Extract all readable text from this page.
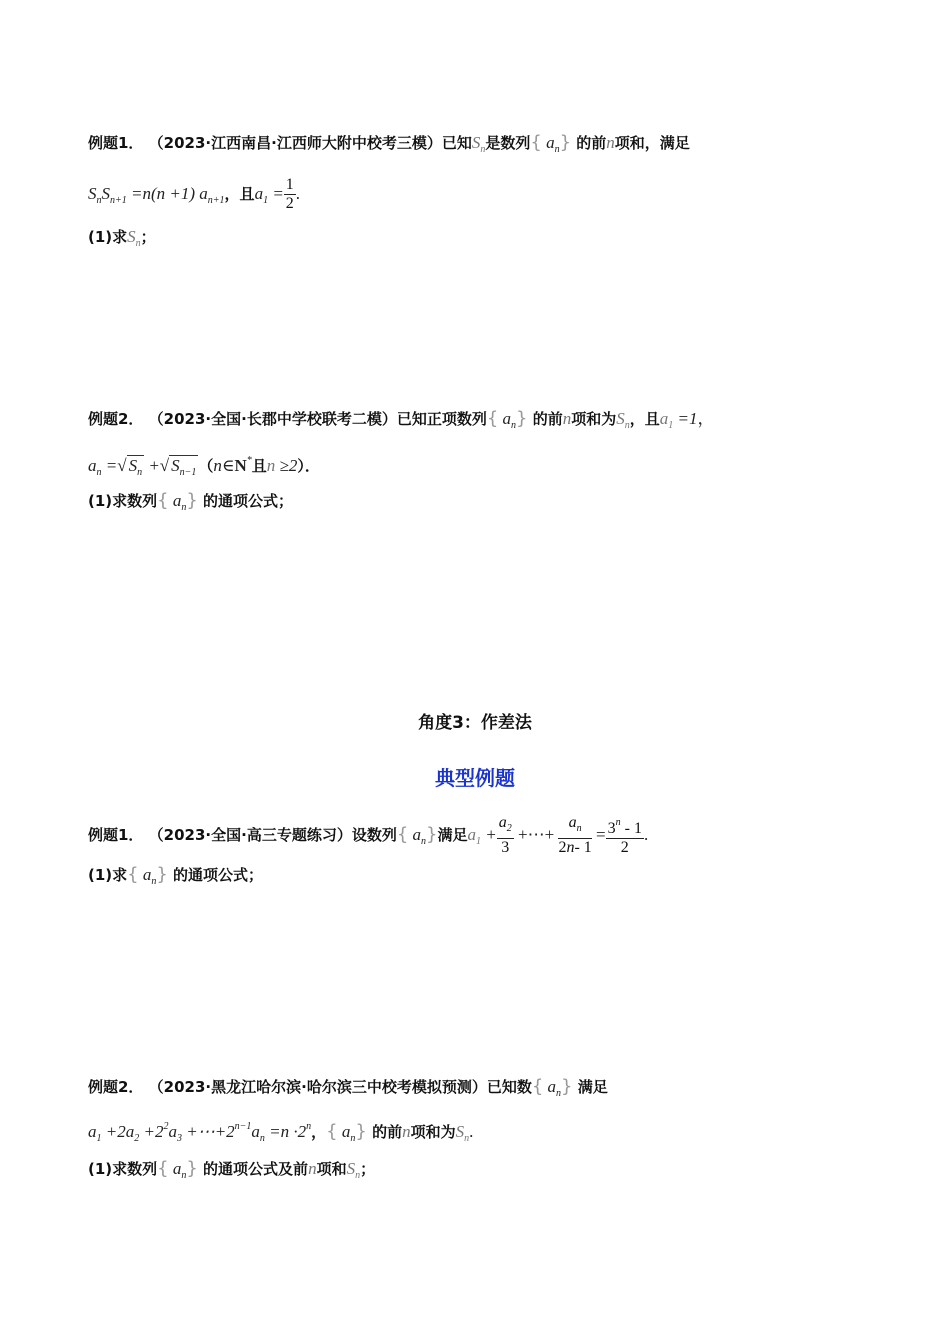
例题1． （2023·江西南昌·江西师大附中校考三模）已知$S_n$是数列{ $a_n$} 的前n项和，满足
$S_nS_{n+1} =n(n +1)$ $a_{n+1}$，且$a_1 = \frac{1}{2}$ .
(1)求$S_n$；
例题2． （2023·全国·长郡中学校联考二模）已知正项数列{ $a_n$} 的前n项和为$S_n$，且$a_1 =1$，
$a_n$ =√ $S_n$ +√ $S_{n-1}$ （n∈N*且n ≥2）．
(1)求数列{ $a_n$} 的通项公式；
角度3：作差法
典型例题
例题1． （2023·全国·高三专题练习）设数列{ $a_n$}满足$a_1 + \frac{a_2}{3}$ +⋯+ $\frac{a_n}{2n- 1} = \frac{3^n - 1}{2}$ .
(1)求{ $a_n$} 的通项公式；
例题2． （2023·黑龙江哈尔滨·哈尔滨三中校考模拟预测）已知数{ $a_n$} 满足
$a_1 +2a_2 +2^2a_3$ $+\cdots+2^{n-1}a_n =n \cdot 2^n$，{ $a_n$} 的前n项和为$S_n$.
(1)求数列{ $a_n$} 的通项公式及前n项和$S_n$；
